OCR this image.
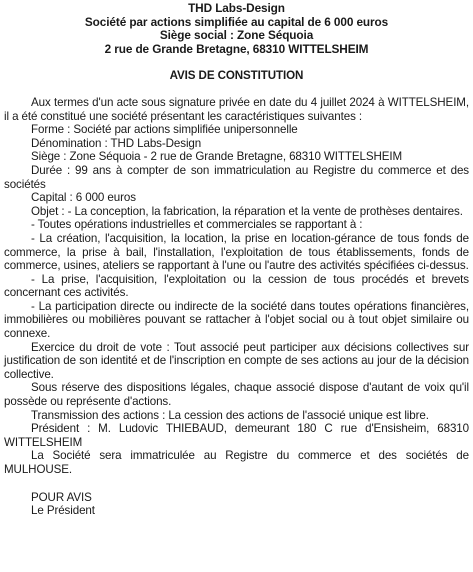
THD Labs-Design
Société par actions simplifiée au capital de 6 000 euros
Siège social : Zone Séquoia
2 rue de Grande Bretagne, 68310 WITTELSHEIM
AVIS DE CONSTITUTION

Aux termes d'un acte sous signature privée en date du 4 juillet 2024 à WITTELSHEIM, il a été constitué une société présentant les caractéristiques suivantes :

Forme : Société par actions simplifiée unipersonnelle

Dénomination : THD Labs-Design

Siège : Zone Séquoia - 2 rue de Grande Bretagne, 68310 WITTELSHEIM

Durée : 99 ans à compter de son immatriculation au Registre du commerce et des sociétés

Capital : 6 000 euros

Objet : - La conception, la fabrication, la réparation et la vente de prothèses dentaires.

- Toutes opérations industrielles et commerciales se rapportant à :

- La création, l'acquisition, la location, la prise en location-gérance de tous fonds de commerce, la prise à bail, l'installation, l'exploitation de tous établissements, fonds de commerce, usines, ateliers se rapportant à l'une ou l'autre des activités spécifiées ci-dessus.

- La prise, l'acquisition, l'exploitation ou la cession de tous procédés et brevets concernant ces activités.

- La participation directe ou indirecte de la société dans toutes opérations financières, immobilières ou mobilières pouvant se rattacher à l'objet social ou à tout objet similaire ou connexe.

Exercice du droit de vote : Tout associé peut participer aux décisions collectives sur justification de son identité et de l'inscription en compte de ses actions au jour de la décision collective.

Sous réserve des dispositions légales, chaque associé dispose d'autant de voix qu'il possède ou représente d'actions.

Transmission des actions : La cession des actions de l'associé unique est libre.

Président : M. Ludovic THIEBAUD, demeurant 180 C rue d'Ensisheim, 68310 WITTELSHEIM

La Société sera immatriculée au Registre du commerce et des sociétés de MULHOUSE.

POUR AVIS
Le Président
